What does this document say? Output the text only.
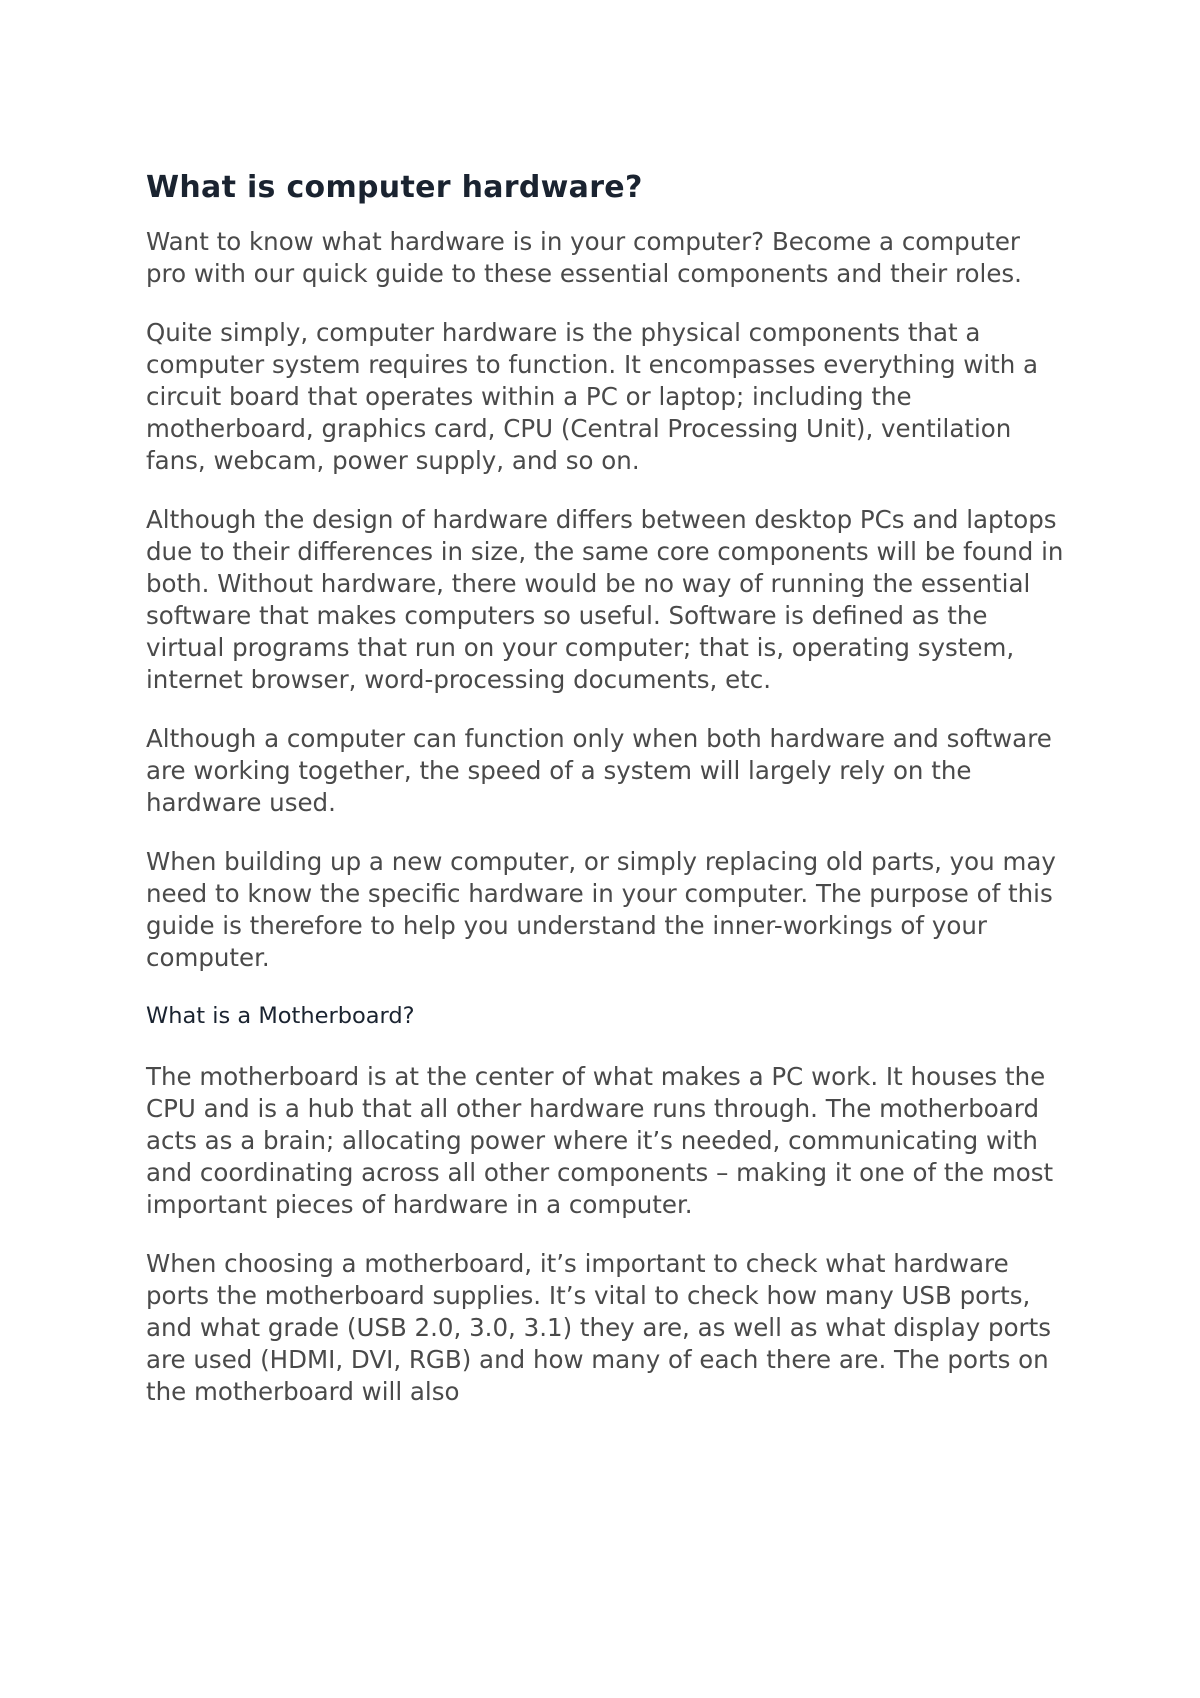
What is computer hardware?

Want to know what hardware is in your computer? Become a computer pro with our quick guide to these essential components and their roles.

Quite simply, computer hardware is the physical components that a computer system requires to function. It encompasses everything with a circuit board that operates within a PC or laptop; including the motherboard, graphics card, CPU (Central Processing Unit), ventilation fans, webcam, power supply, and so on.

Although the design of hardware differs between desktop PCs and laptops due to their differences in size, the same core components will be found in both. Without hardware, there would be no way of running the essential software that makes computers so useful. Software is defined as the virtual programs that run on your computer; that is, operating system, internet browser, word-processing documents, etc.

Although a computer can function only when both hardware and software are working together, the speed of a system will largely rely on the hardware used.

When building up a new computer, or simply replacing old parts, you may need to know the specific hardware in your computer. The purpose of this guide is therefore to help you understand the inner-workings of your computer.

What is a Motherboard?

The motherboard is at the center of what makes a PC work. It houses the CPU and is a hub that all other hardware runs through. The motherboard acts as a brain; allocating power where it’s needed, communicating with and coordinating across all other components – making it one of the most important pieces of hardware in a computer.

When choosing a motherboard, it’s important to check what hardware ports the motherboard supplies. It’s vital to check how many USB ports, and what grade (USB 2.0, 3.0, 3.1) they are, as well as what display ports are used (HDMI, DVI, RGB) and how many of each there are. The ports on the motherboard will also
